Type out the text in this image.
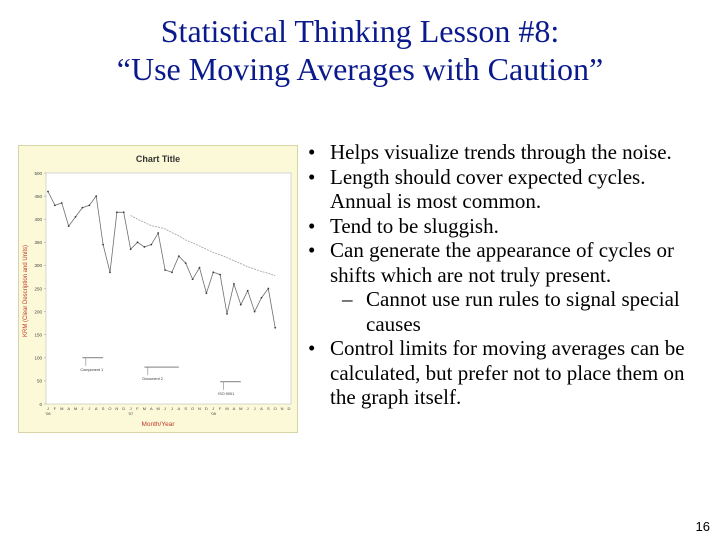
Statistical Thinking Lesson #8:
“Use Moving Averages with Caution”
Chart Title
Month/Year
KRM (Clear Description and Units)
0
50
100
150
200
250
300
350
400
450
500
J F M A M J J A S O N D J F M A M J J A S O N D J F M A M J J A S O N D
'06	'07	'08
Component 1
Document 2
ISO 9001
• Helps visualize trends through the noise.
• Length should cover expected cycles. Annual is most common.
• Tend to be sluggish.
• Can generate the appearance of cycles or shifts which are not truly present.
– Cannot use run rules to signal special causes
• Control limits for moving averages can be calculated, but prefer not to place them on the graph itself.
16
